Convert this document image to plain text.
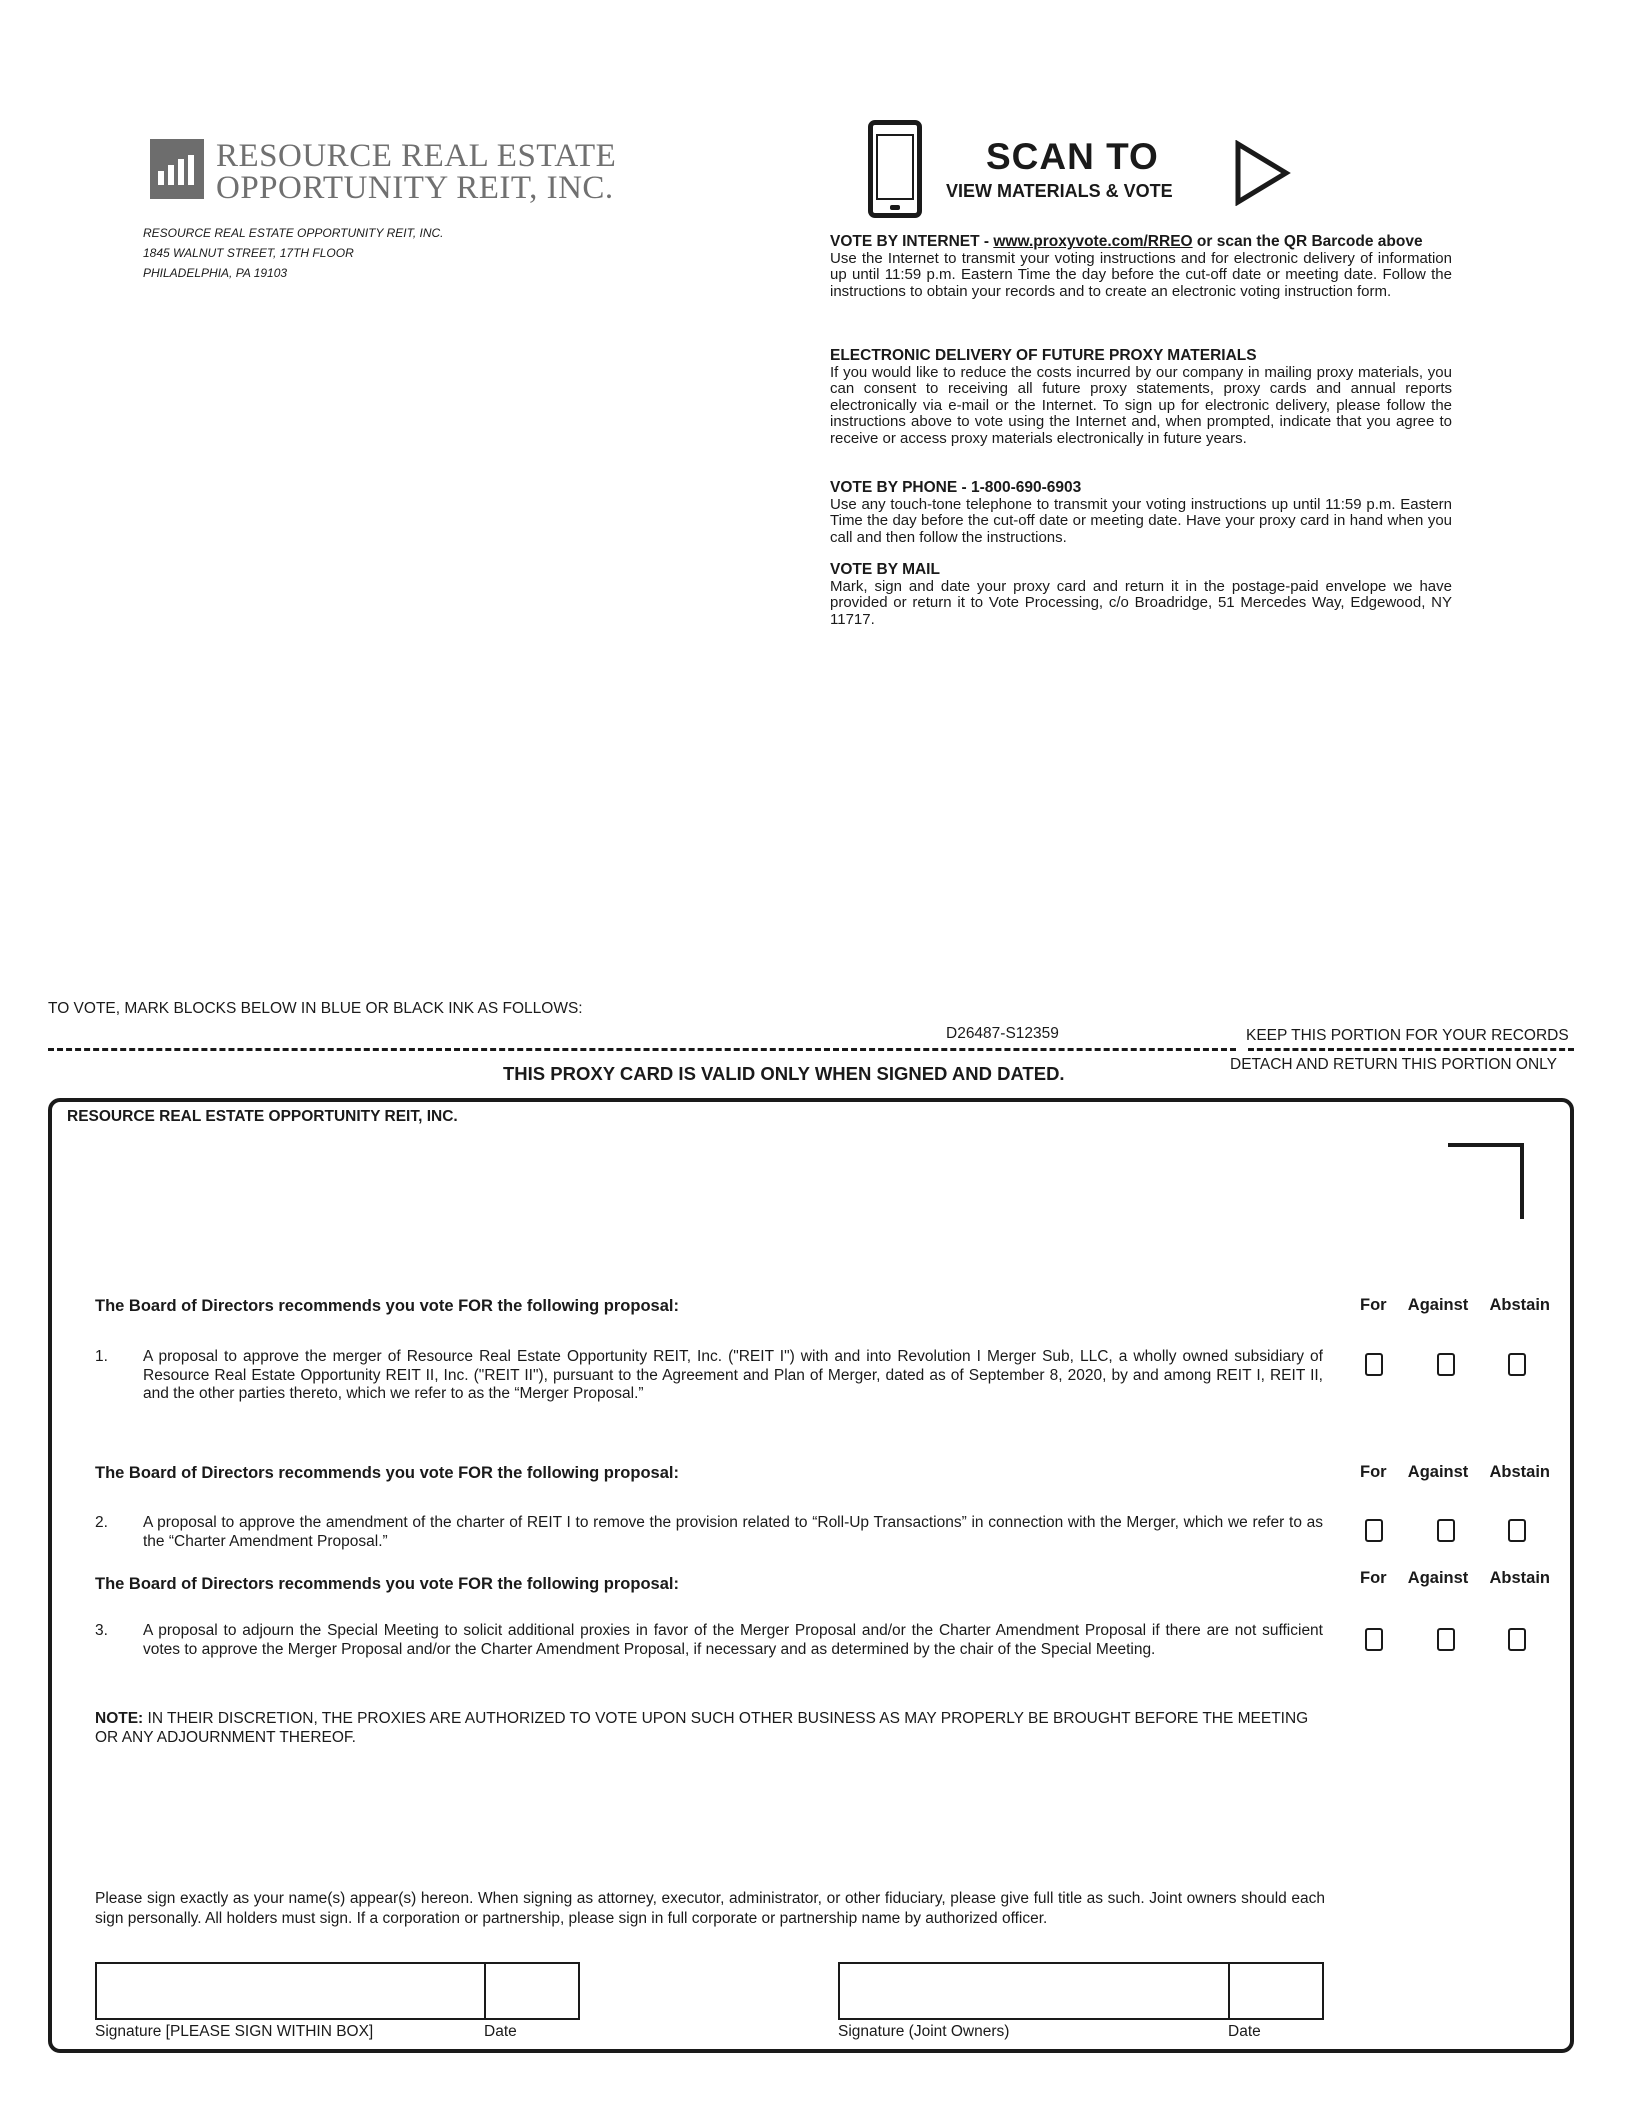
RESOURCE REAL ESTATE
OPPORTUNITY REIT, INC.
RESOURCE REAL ESTATE OPPORTUNITY REIT, INC.
1845 WALNUT STREET, 17TH FLOOR
PHILADELPHIA, PA 19103
SCAN TO
VIEW MATERIALS & VOTE
VOTE BY INTERNET - www.proxyvote.com/RREO or scan the QR Barcode above
Use the Internet to transmit your voting instructions and for electronic delivery of information up until 11:59 p.m. Eastern Time the day before the cut-off date or meeting date. Follow the instructions to obtain your records and to create an electronic voting instruction form.
ELECTRONIC DELIVERY OF FUTURE PROXY MATERIALS
If you would like to reduce the costs incurred by our company in mailing proxy materials, you can consent to receiving all future proxy statements, proxy cards and annual reports electronically via e-mail or the Internet. To sign up for electronic delivery, please follow the instructions above to vote using the Internet and, when prompted, indicate that you agree to receive or access proxy materials electronically in future years.
VOTE BY PHONE - 1-800-690-6903
Use any touch-tone telephone to transmit your voting instructions up until 11:59 p.m. Eastern Time the day before the cut-off date or meeting date. Have your proxy card in hand when you call and then follow the instructions.
VOTE BY MAIL
Mark, sign and date your proxy card and return it in the postage-paid envelope we have provided or return it to Vote Processing, c/o Broadridge, 51 Mercedes Way, Edgewood, NY 11717.
TO VOTE, MARK BLOCKS BELOW IN BLUE OR BLACK INK AS FOLLOWS:
D26487-S12359	KEEP THIS PORTION FOR YOUR RECORDS
DETACH AND RETURN THIS PORTION ONLY
THIS PROXY CARD IS VALID ONLY WHEN SIGNED AND DATED.
RESOURCE REAL ESTATE OPPORTUNITY REIT, INC.
The Board of Directors recommends you vote FOR the following proposal:	For Against Abstain
1. A proposal to approve the merger of Resource Real Estate Opportunity REIT, Inc. ("REIT I") with and into Revolution I Merger Sub, LLC, a wholly owned subsidiary of Resource Real Estate Opportunity REIT II, Inc. ("REIT II"), pursuant to the Agreement and Plan of Merger, dated as of September 8, 2020, by and among REIT I, REIT II, and the other parties thereto, which we refer to as the “Merger Proposal.”
The Board of Directors recommends you vote FOR the following proposal:	For Against Abstain
2. A proposal to approve the amendment of the charter of REIT I to remove the provision related to “Roll-Up Transactions” in connection with the Merger, which we refer to as the “Charter Amendment Proposal.”
The Board of Directors recommends you vote FOR the following proposal:	For Against Abstain
3. A proposal to adjourn the Special Meeting to solicit additional proxies in favor of the Merger Proposal and/or the Charter Amendment Proposal if there are not sufficient votes to approve the Merger Proposal and/or the Charter Amendment Proposal, if necessary and as determined by the chair of the Special Meeting.
NOTE: IN THEIR DISCRETION, THE PROXIES ARE AUTHORIZED TO VOTE UPON SUCH OTHER BUSINESS AS MAY PROPERLY BE BROUGHT BEFORE THE MEETING OR ANY ADJOURNMENT THEREOF.
Please sign exactly as your name(s) appear(s) hereon. When signing as attorney, executor, administrator, or other fiduciary, please give full title as such. Joint owners should each sign personally. All holders must sign. If a corporation or partnership, please sign in full corporate or partnership name by authorized officer.
Signature [PLEASE SIGN WITHIN BOX]	Date	Signature (Joint Owners)	Date
